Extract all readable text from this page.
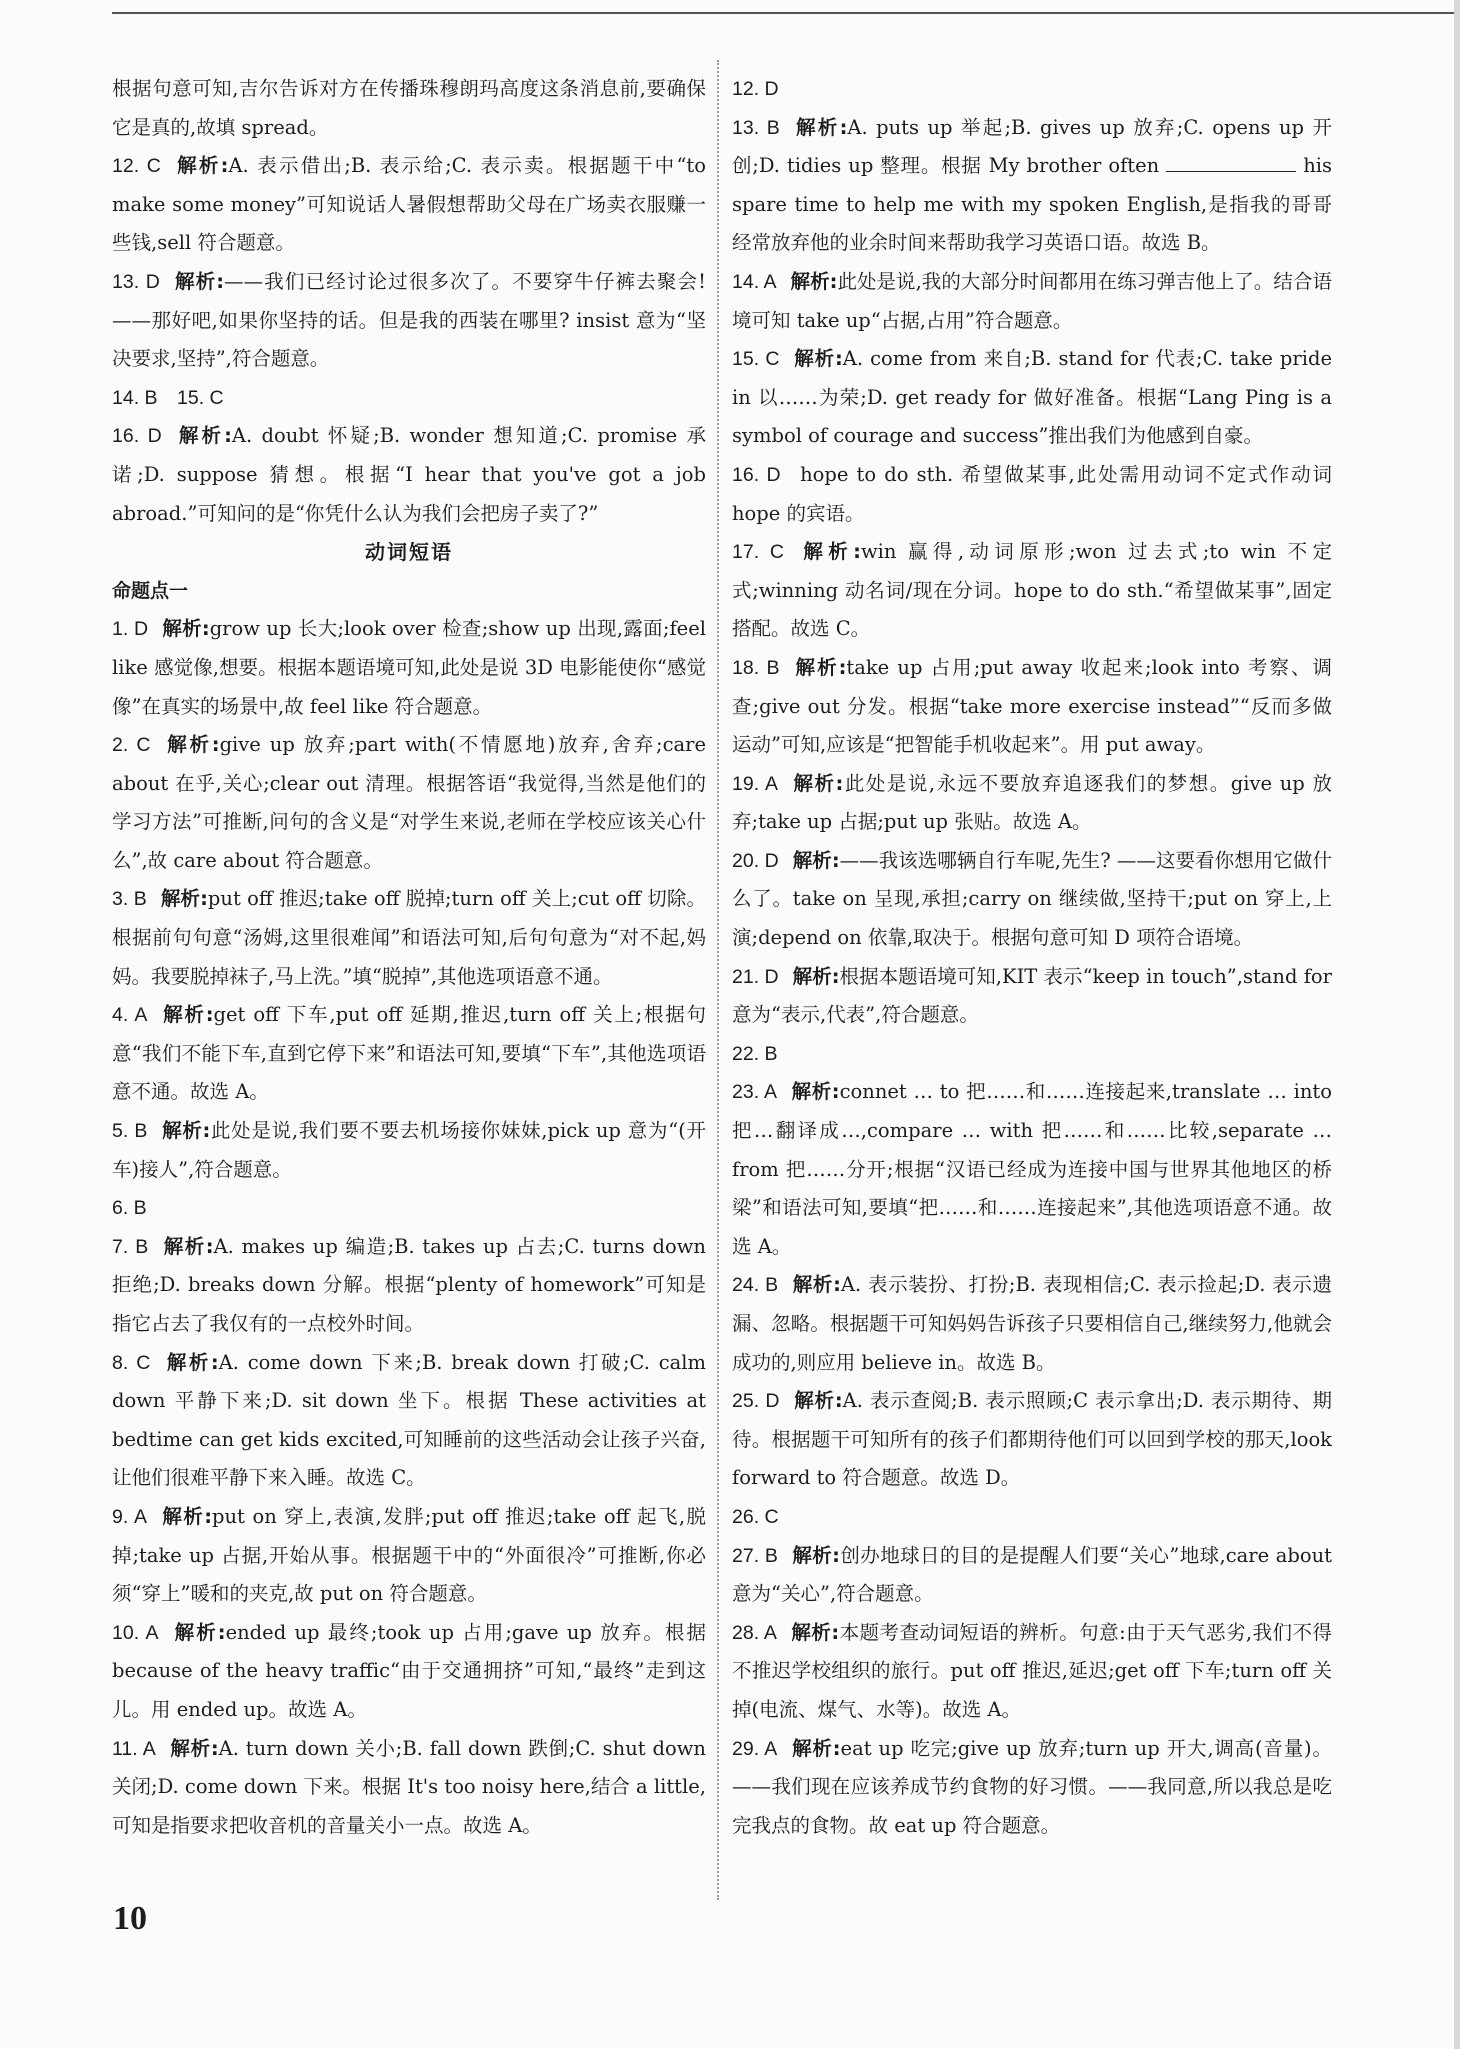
根据句意可知,吉尔告诉对方在传播珠穆朗玛高度这条消息前,要确保它是真的,故填 spread。
12. C 解析:A. 表示借出;B. 表示给;C. 表示卖。根据题干中“to make some money”可知说话人暑假想帮助父母在广场卖衣服赚一些钱,sell 符合题意。
13. D 解析:——我们已经讨论过很多次了。不要穿牛仔裤去聚会! ——那好吧,如果你坚持的话。但是我的西装在哪里? insist 意为“坚决要求,坚持”,符合题意。
14. B　15. C
16. D 解析:A. doubt 怀疑;B. wonder 想知道;C. promise 承诺;D. suppose 猜想。根据“I hear that you've got a job abroad.”可知问的是“你凭什么认为我们会把房子卖了?”
动词短语
命题点一
1. D 解析:grow up 长大;look over 检查;show up 出现,露面;feel like 感觉像,想要。根据本题语境可知,此处是说 3D 电影能使你“感觉像”在真实的场景中,故 feel like 符合题意。
2. C 解析:give up 放弃;part with(不情愿地)放弃,舍弃;care about 在乎,关心;clear out 清理。根据答语“我觉得,当然是他们的学习方法”可推断,问句的含义是“对学生来说,老师在学校应该关心什么”,故 care about 符合题意。
3. B 解析:put off 推迟;take off 脱掉;turn off 关上;cut off 切除。根据前句句意“汤姆,这里很难闻”和语法可知,后句句意为“对不起,妈妈。我要脱掉袜子,马上洗。”填“脱掉”,其他选项语意不通。
4. A 解析:get off 下车,put off 延期,推迟,turn off 关上;根据句意“我们不能下车,直到它停下来”和语法可知,要填“下车”,其他选项语意不通。故选 A。
5. B 解析:此处是说,我们要不要去机场接你妹妹,pick up 意为“(开车)接人”,符合题意。
6. B
7. B 解析:A. makes up 编造;B. takes up 占去;C. turns down 拒绝;D. breaks down 分解。根据“plenty of homework”可知是指它占去了我仅有的一点校外时间。
8. C 解析:A. come down 下来;B. break down 打破;C. calm down 平静下来;D. sit down 坐下。根据 These activities at bedtime can get kids excited,可知睡前的这些活动会让孩子兴奋,让他们很难平静下来入睡。故选 C。
9. A 解析:put on 穿上,表演,发胖;put off 推迟;take off 起飞,脱掉;take up 占据,开始从事。根据题干中的“外面很冷”可推断,你必须“穿上”暖和的夹克,故 put on 符合题意。
10. A 解析:ended up 最终;took up 占用;gave up 放弃。根据 because of the heavy traffic“由于交通拥挤”可知,“最终”走到这儿。用 ended up。故选 A。
11. A 解析:A. turn down 关小;B. fall down 跌倒;C. shut down 关闭;D. come down 下来。根据 It's too noisy here,结合 a little,可知是指要求把收音机的音量关小一点。故选 A。
12. D
13. B 解析:A. puts up 举起;B. gives up 放弃;C. opens up 开创;D. tidies up 整理。根据 My brother often	his spare time to help me with my spoken English,是指我的哥哥经常放弃他的业余时间来帮助我学习英语口语。故选 B。
14. A 解析:此处是说,我的大部分时间都用在练习弹吉他上了。结合语境可知 take up“占据,占用”符合题意。
15. C 解析:A. come from 来自;B. stand for 代表;C. take pride in 以……为荣;D. get ready for 做好准备。根据“Lang Ping is a symbol of courage and success”推出我们为他感到自豪。
16. D  hope to do sth. 希望做某事,此处需用动词不定式作动词 hope 的宾语。
17. C 解析:win 赢得,动词原形;won 过去式;to win 不定式;winning 动名词/现在分词。hope to do sth.“希望做某事”,固定搭配。故选 C。
18. B 解析:take up 占用;put away 收起来;look into 考察、调查;give out 分发。根据“take more exercise instead”“反而多做运动”可知,应该是“把智能手机收起来”。用 put away。
19. A 解析:此处是说,永远不要放弃追逐我们的梦想。give up 放弃;take up 占据;put up 张贴。故选 A。
20. D 解析:——我该选哪辆自行车呢,先生? ——这要看你想用它做什么了。take on 呈现,承担;carry on 继续做,坚持干;put on 穿上,上演;depend on 依靠,取决于。根据句意可知 D 项符合语境。
21. D 解析:根据本题语境可知,KIT 表示“keep in touch”,stand for 意为“表示,代表”,符合题意。
22. B
23. A 解析:connet … to 把……和……连接起来,translate … into 把…翻译成…,compare … with 把……和……比较,separate … from 把……分开;根据“汉语已经成为连接中国与世界其他地区的桥梁”和语法可知,要填“把……和……连接起来”,其他选项语意不通。故选 A。
24. B 解析:A. 表示装扮、打扮;B. 表现相信;C. 表示捡起;D. 表示遗漏、忽略。根据题干可知妈妈告诉孩子只要相信自己,继续努力,他就会成功的,则应用 believe in。故选 B。
25. D 解析:A. 表示查阅;B. 表示照顾;C 表示拿出;D. 表示期待、期待。根据题干可知所有的孩子们都期待他们可以回到学校的那天,look forward to 符合题意。故选 D。
26. C
27. B 解析:创办地球日的目的是提醒人们要“关心”地球,care about 意为“关心”,符合题意。
28. A 解析:本题考查动词短语的辨析。句意:由于天气恶劣,我们不得不推迟学校组织的旅行。put off 推迟,延迟;get off 下车;turn off 关掉(电流、煤气、水等)。故选 A。
29. A 解析:eat up 吃完;give up 放弃;turn up 开大,调高(音量)。——我们现在应该养成节约食物的好习惯。——我同意,所以我总是吃完我点的食物。故 eat up 符合题意。
10
